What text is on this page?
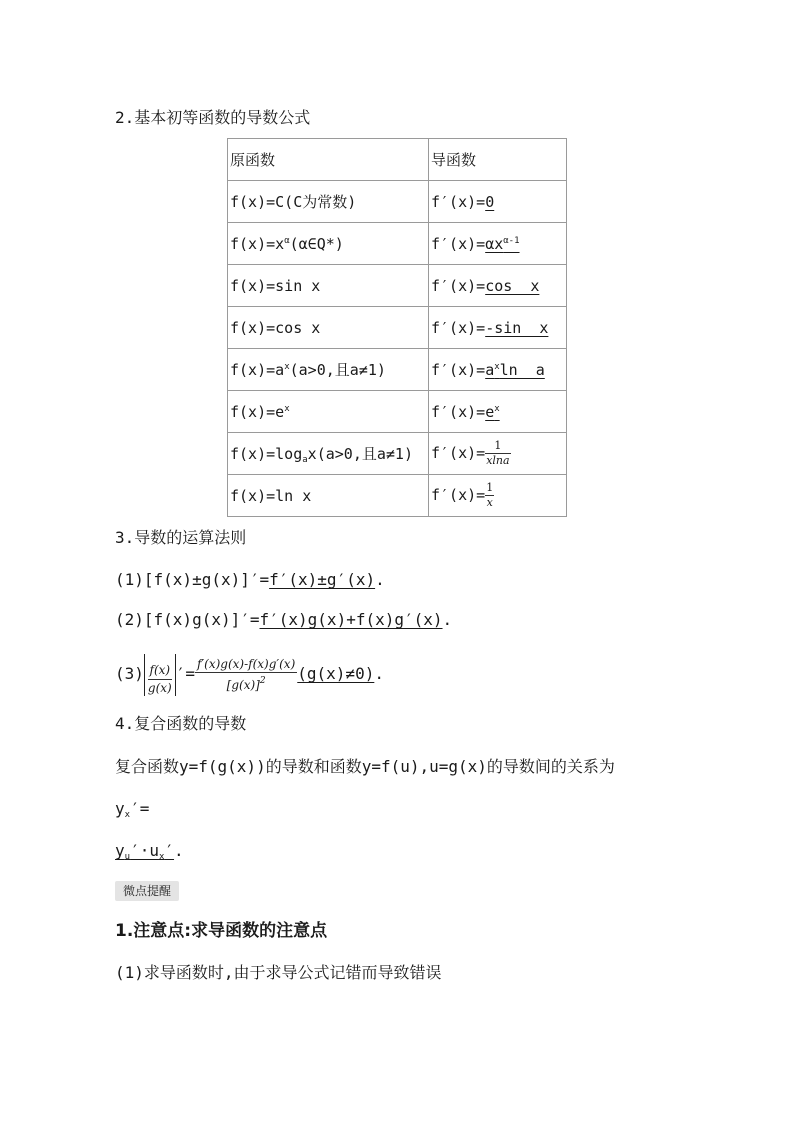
2.基本初等函数的导数公式
原函数	导函数
f(x)=C(C为常数)	f′(x)=0
$f(x)=x^\alpha(\alpha\in Q*)$	$f'(x)=\alpha x^{\alpha-1}$
f(x)=sin x	f′(x)=cos  x
f(x)=cos x	f′(x)=-sin  x
$f(x)=a^x(a>0$,且a≠1)	$f'(x)=a^x\ln$  a
$f(x)=e^x$	$f'(x)=e^x$
$f(x)=\log_ax(a>0$,且a≠1)	$f'(x)= \frac{1}{xlna}$

f(x)=ln x	$f'(x)= \frac{1}{x}$
3.导数的运算法则
(1)[f(x)±g(x)]′=f′(x)±g′(x).
(2)[f(x)g(x)]′=f′(x)g(x)+f(x)g′(x).
$(3) \frac{f(x)}{g(x)}$ ′= $\frac{f'(x)g(x)-f(x)g'(x)}{[g(x)]^2} (g(x)\ne 0)$.
4.复合函数的导数
复合函数y=f(g(x))的导数和函数y=f(u),u=g(x)的导数间的关系为
$y_x'=$
$y_u'\cdot u_x'$.
微点提醒
1.注意点:求导函数的注意点
(1)求导函数时,由于求导公式记错而导致错误
